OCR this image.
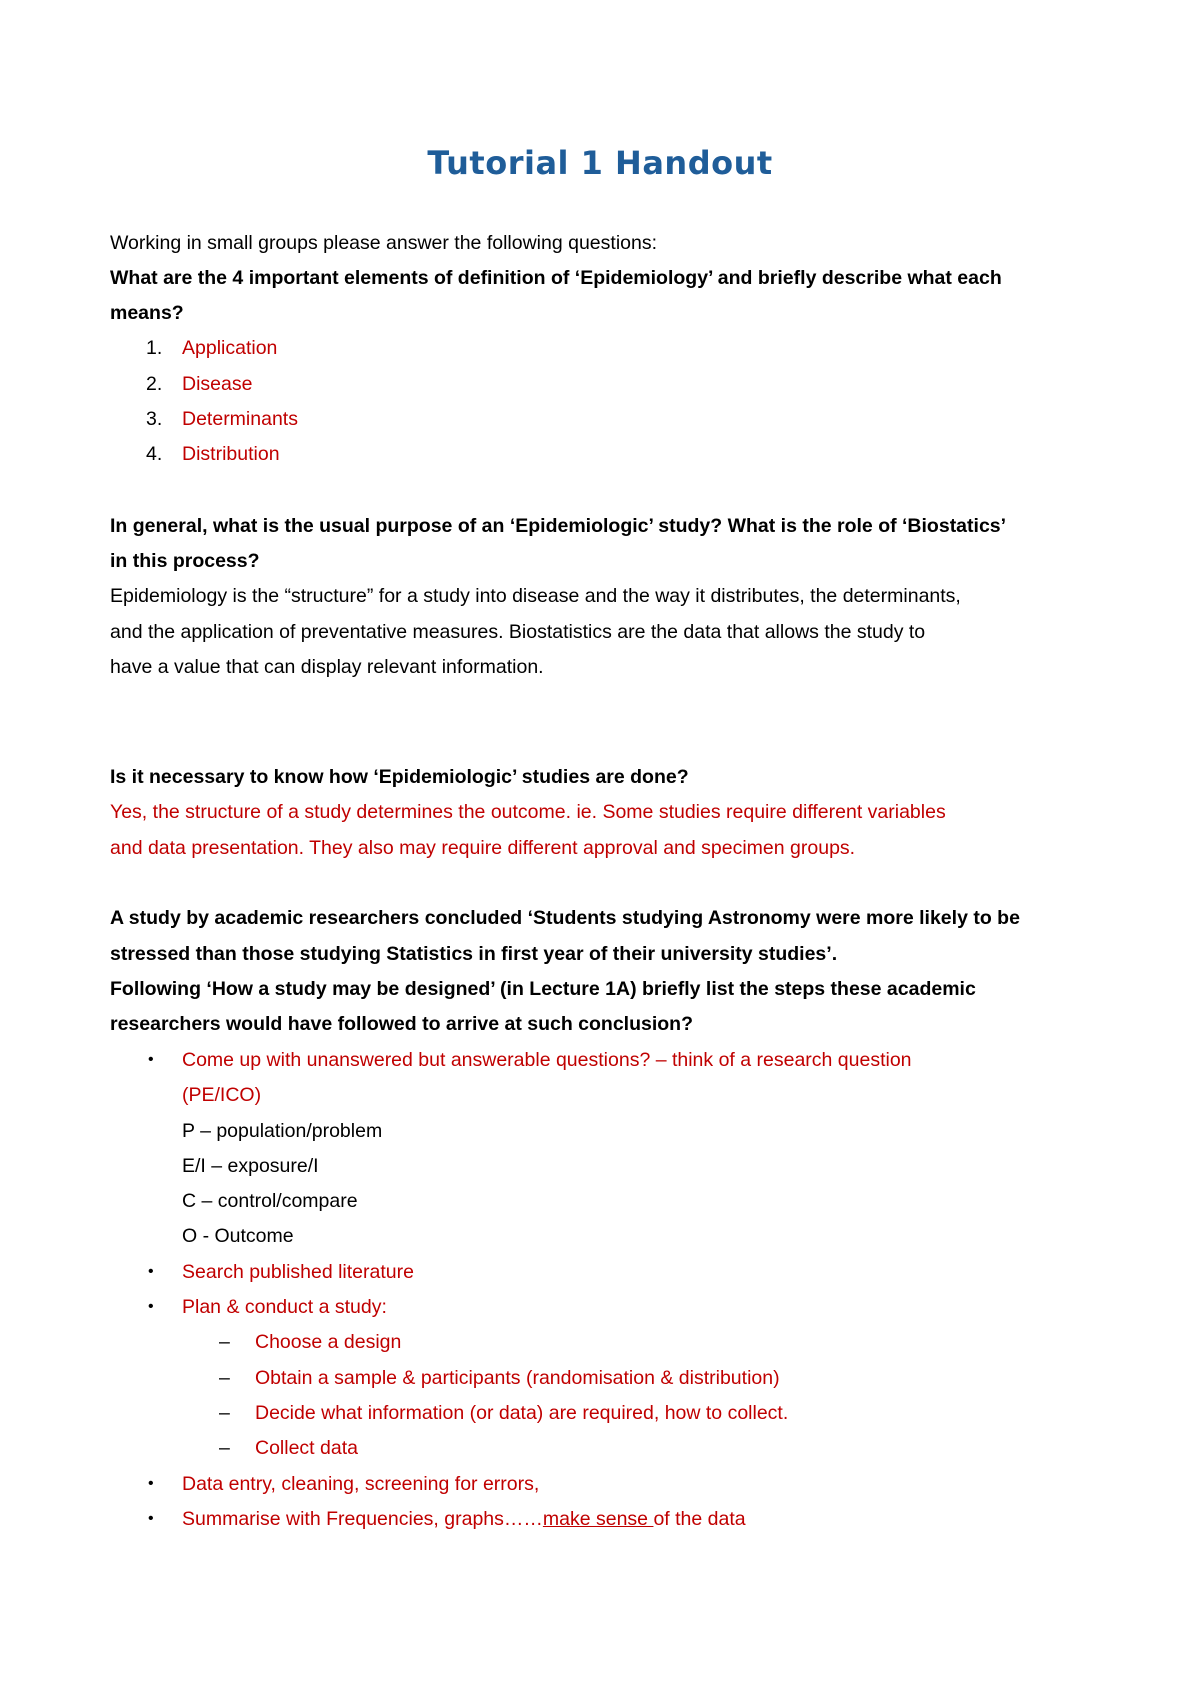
Tutorial 1 Handout
Working in small groups please answer the following questions:
What are the 4 important elements of definition of ‘Epidemiology’ and briefly describe what each
means?
1. Application
2. Disease
3. Determinants
4. Distribution
In general, what is the usual purpose of an ‘Epidemiologic’ study? What is the role of ‘Biostatics’
in this process?
Epidemiology is the “structure” for a study into disease and the way it distributes, the determinants,
and the application of preventative measures. Biostatistics are the data that allows the study to
have a value that can display relevant information.
Is it necessary to know how ‘Epidemiologic’ studies are done?
Yes, the structure of a study determines the outcome. ie. Some studies require different variables
and data presentation. They also may require different approval and specimen groups.
A study by academic researchers concluded ‘Students studying Astronomy were more likely to be
stressed than those studying Statistics in first year of their university studies’.
Following ‘How a study may be designed’ (in Lecture 1A) briefly list the steps these academic
researchers would have followed to arrive at such conclusion?
• Come up with unanswered but answerable questions? – think of a research question
(PE/ICO)
P – population/problem
E/I – exposure/I
C – control/compare
O - Outcome
• Search published literature
• Plan & conduct a study:
– Choose a design
– Obtain a sample & participants (randomisation & distribution)
– Decide what information (or data) are required, how to collect.
– Collect data
• Data entry, cleaning, screening for errors,
• Summarise with Frequencies, graphs……make sense of the data
